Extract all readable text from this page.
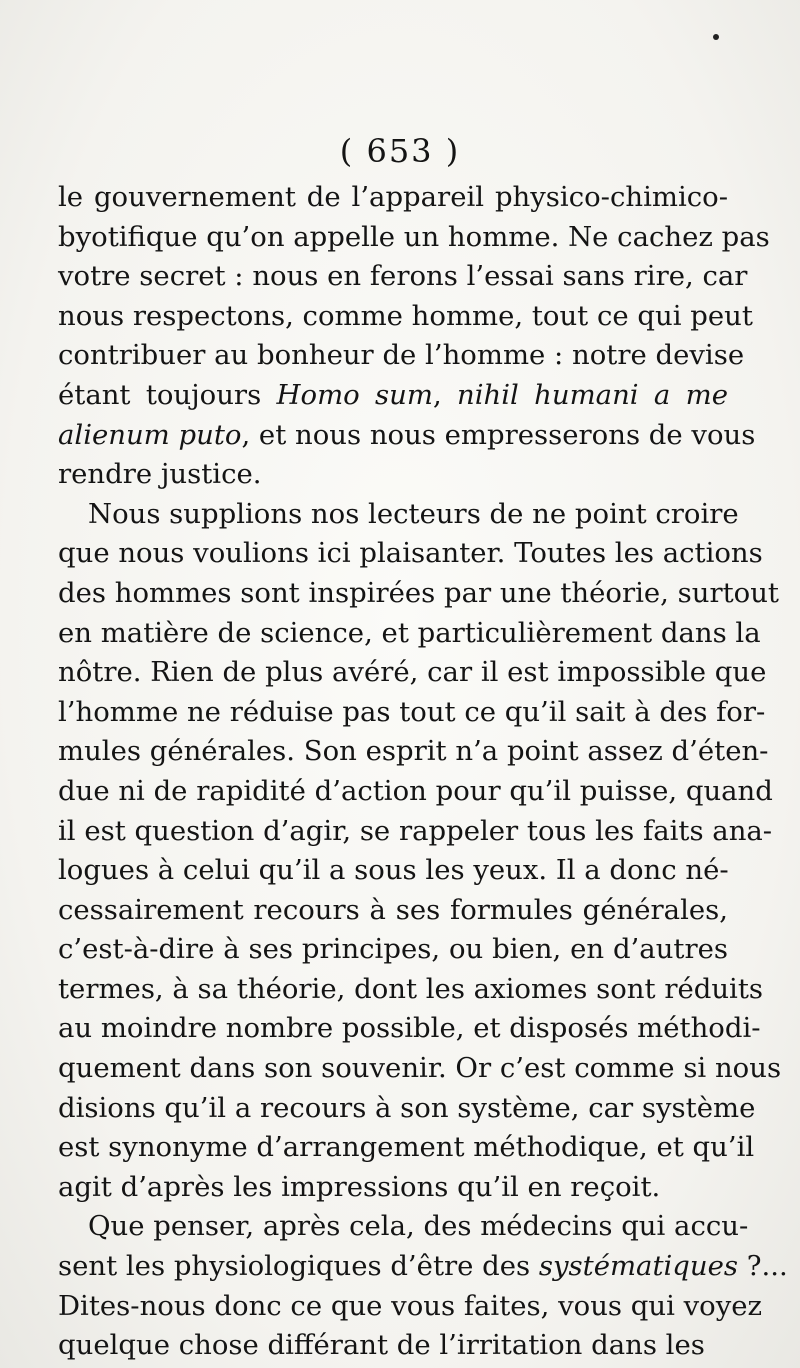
( 653 )
le gouvernement de l’appareil physico-chimico-
byotifique qu’on appelle un homme. Ne cachez pas
votre secret : nous en ferons l’essai sans rire, car
nous respectons, comme homme, tout ce qui peut
contribuer au bonheur de l’homme : notre devise
étant toujours Homo sum, nihil humani a me
alienum puto, et nous nous empresserons de vous
rendre justice.
Nous supplions nos lecteurs de ne point croire
que nous voulions ici plaisanter. Toutes les actions
des hommes sont inspirées par une théorie, surtout
en matière de science, et particulièrement dans la
nôtre. Rien de plus avéré, car il est impossible que
l’homme ne réduise pas tout ce qu’il sait à des for-
mules générales. Son esprit n’a point assez d’éten-
due ni de rapidité d’action pour qu’il puisse, quand
il est question d’agir, se rappeler tous les faits ana-
logues à celui qu’il a sous les yeux. Il a donc né-
cessairement recours à ses formules générales,
c’est-à-dire à ses principes, ou bien, en d’autres
termes, à sa théorie, dont les axiomes sont réduits
au moindre nombre possible, et disposés méthodi-
quement dans son souvenir. Or c’est comme si nous
disions qu’il a recours à son système, car système
est synonyme d’arrangement méthodique, et qu’il
agit d’après les impressions qu’il en reçoit.
Que penser, après cela, des médecins qui accu-
sent les physiologiques d’être des systématiques ?...
Dites-nous donc ce que vous faites, vous qui voyez
quelque chose différant de l’irritation dans les
